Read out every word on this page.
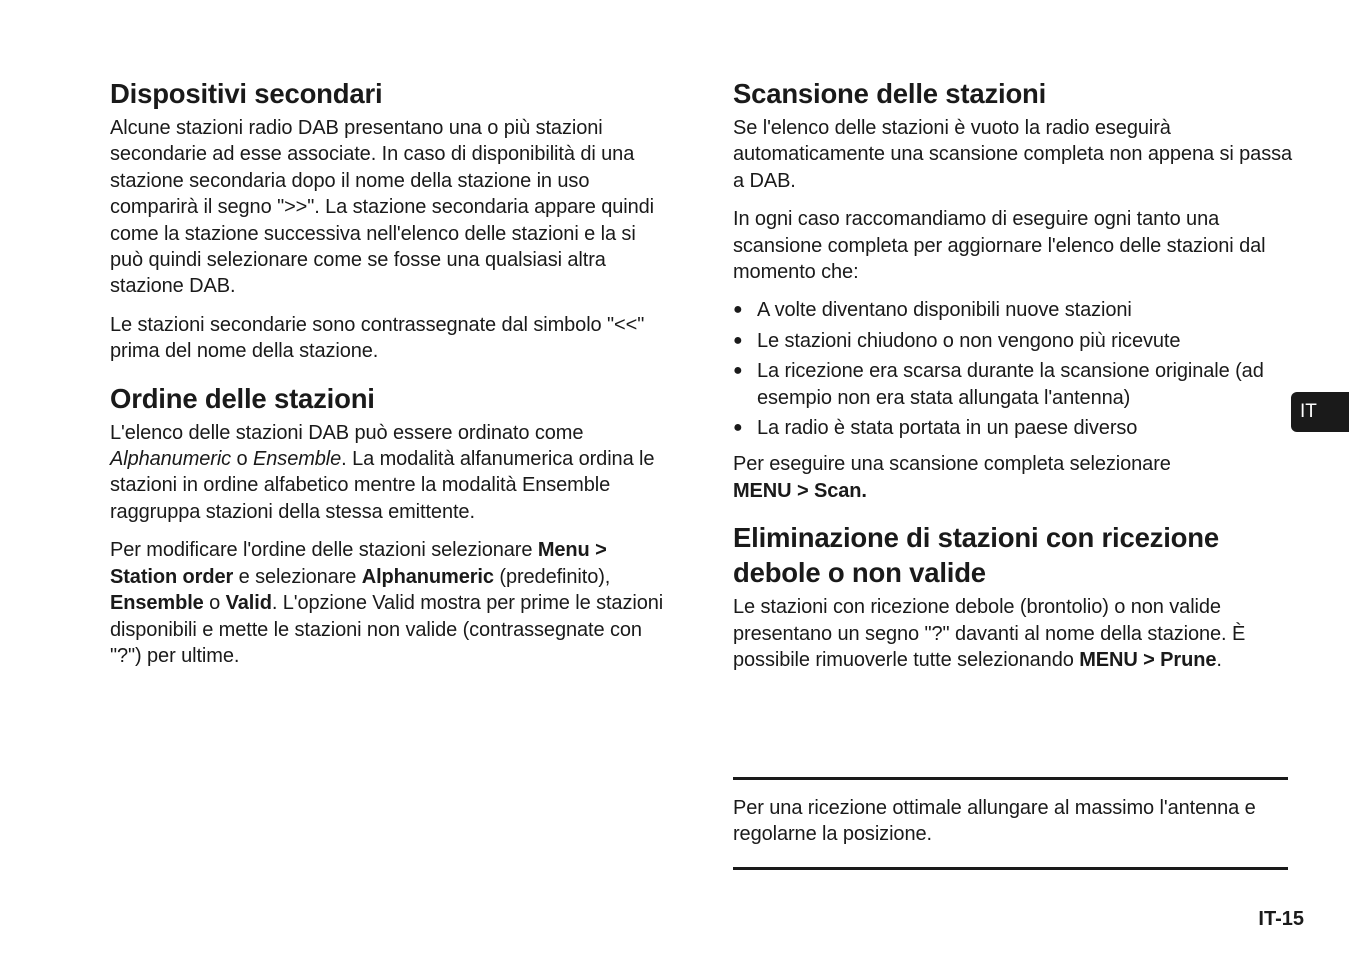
Dispositivi secondari

Alcune stazioni radio DAB presentano una o più stazioni secondarie ad esse associate. In caso di disponibilità di una stazione secondaria dopo il nome della stazione in uso comparirà il segno ">>". La stazione secondaria appare quindi come la stazione successiva nell'elenco delle stazioni e la si può quindi selezionare come se fosse una qualsiasi altra stazione DAB.

Le stazioni secondarie sono contrassegnate dal simbolo "<<" prima del nome della stazione.

Ordine delle stazioni

L'elenco delle stazioni DAB può essere ordinato come Alphanumeric o Ensemble. La modalità alfanumerica ordina le stazioni in ordine alfabetico mentre la modalità Ensemble raggruppa stazioni della stessa emittente.

Per modificare l'ordine delle stazioni selezionare Menu > Station order e selezionare Alphanumeric (predefinito), Ensemble o Valid. L'opzione Valid mostra per prime le stazioni disponibili e mette le stazioni non valide (contrassegnate con "?") per ultime.

Scansione delle stazioni

Se l'elenco delle stazioni è vuoto la radio eseguirà automaticamente una scansione completa non appena si passa a DAB.

In ogni caso raccomandiamo di eseguire ogni tanto una scansione completa per aggiornare l'elenco delle stazioni dal momento che:

● A volte diventano disponibili nuove stazioni
● Le stazioni chiudono o non vengono più ricevute
● La ricezione era scarsa durante la scansione originale (ad esempio non era stata allungata l'antenna)
● La radio è stata portata in un paese diverso

Per eseguire una scansione completa selezionare
MENU > Scan.

Eliminazione di stazioni con ricezione debole o non valide

Le stazioni con ricezione debole (brontolio) o non valide presentano un segno "?" davanti al nome della stazione. È possibile rimuoverle tutte selezionando MENU > Prune.

Per una ricezione ottimale allungare al massimo l'antenna e regolarne la posizione.

IT
IT-15
